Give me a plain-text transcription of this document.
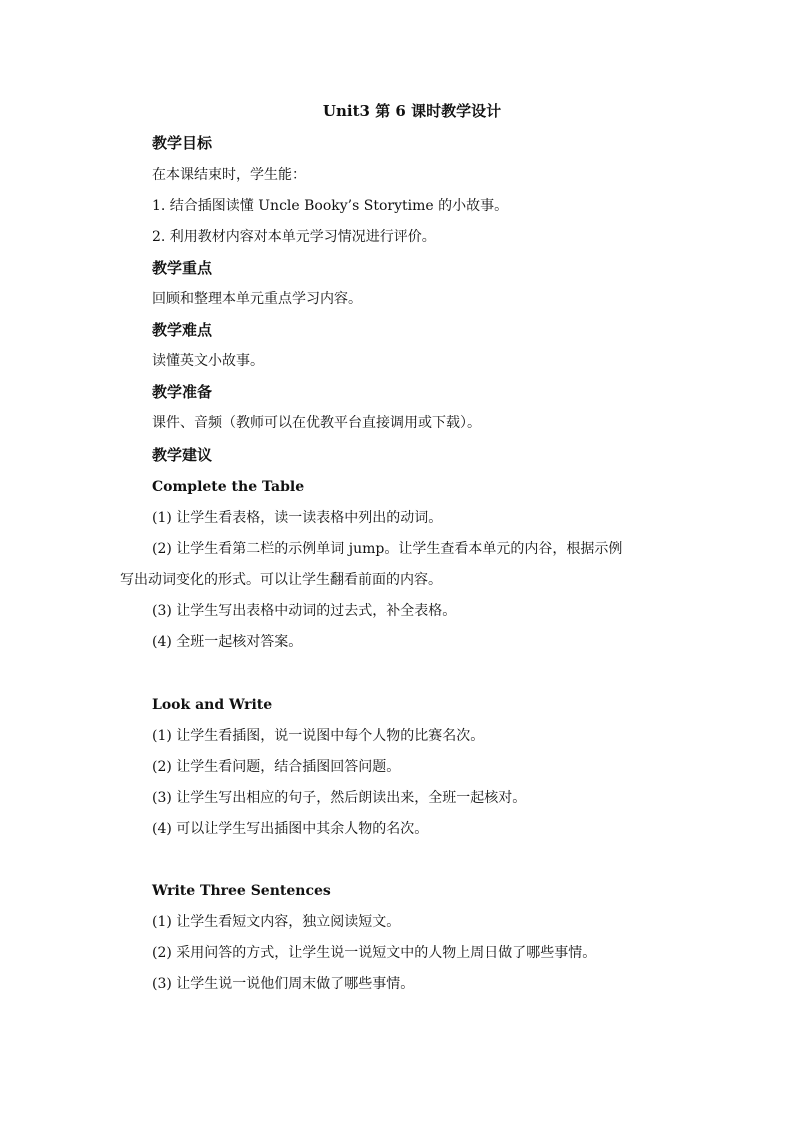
Unit3 第 6 课时教学设计
教学目标
在本课结束时，学生能：
1. 结合插图读懂 Uncle Booky’s Storytime 的小故事。
2. 利用教材内容对本单元学习情况进行评价。
教学重点
回顾和整理本单元重点学习内容。
教学难点
读懂英文小故事。
教学准备
课件、音频（教师可以在优教平台直接调用或下载）。
教学建议
Complete the Table
(1) 让学生看表格，读一读表格中列出的动词。
(2) 让学生看第二栏的示例单词 jump。让学生查看本单元的内谷，根据示例
写出动词变化的形式。可以让学生翻看前面的内容。
(3) 让学生写出表格中动词的过去式，补全表格。
(4) 全班一起核对答案。
Look and Write
(1) 让学生看插图，说一说图中每个人物的比赛名次。
(2) 让学生看问题，结合插图回答问题。
(3) 让学生写出相应的句子，然后朗读出来，全班一起核对。
(4) 可以让学生写出插图中其余人物的名次。
Write Three Sentences
(1) 让学生看短文内容，独立阅读短文。
(2) 采用问答的方式，让学生说一说短文中的人物上周日做了哪些事情。
(3) 让学生说一说他们周末做了哪些事情。
